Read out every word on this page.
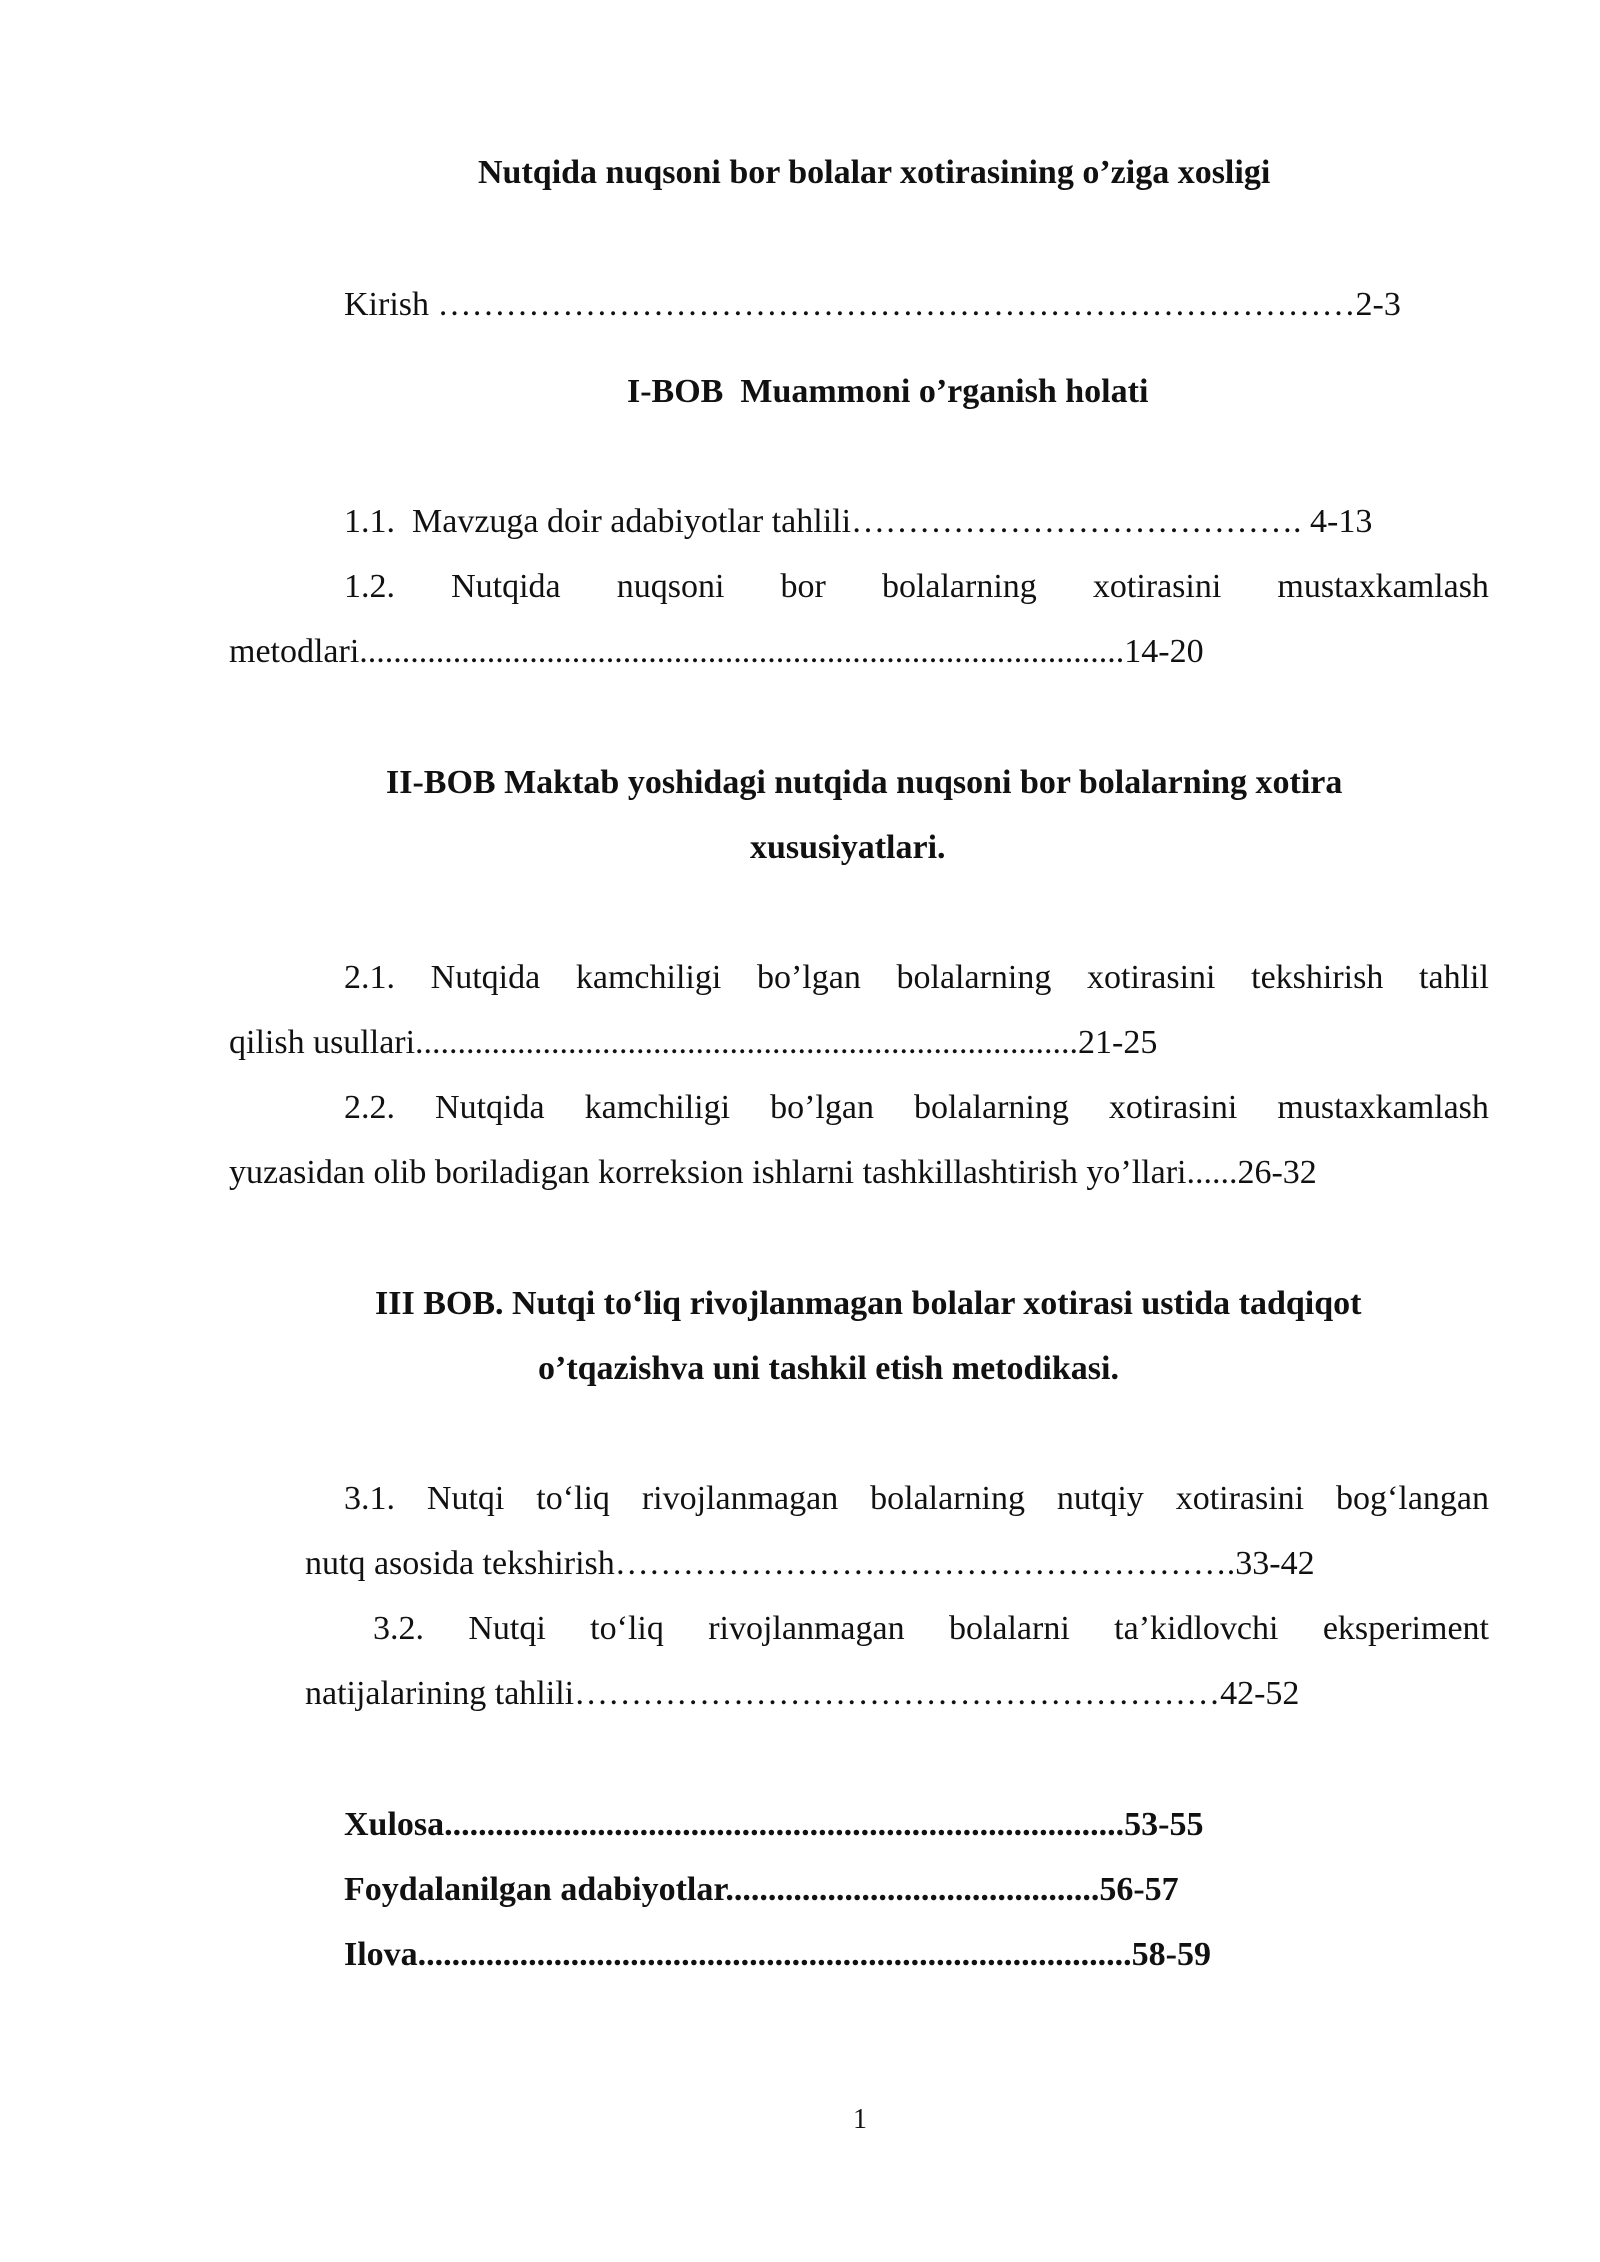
Nutqida nuqsoni bor bolalar xotirasining o’ziga xosligi
Kirish ………………………………………………………………………2-3
I-BOB  Muammoni o’rganish holati
1.1.  Mavzuga doir adabiyotlar tahlili…………………………………. 4-13
1.2. Nutqida nuqsoni bor bolalarning xotirasini mustaxkamlash
metodlari..........................................................................................14-20
II-BOB Maktab yoshidagi nutqida nuqsoni bor bolalarning xotira
xususiyatlari.
2.1. Nutqida kamchiligi bo’lgan bolalarning xotirasini tekshirish tahlil
qilish usullari..............................................................................21-25
2.2. Nutqida kamchiligi bo’lgan bolalarning xotirasini mustaxkamlash
yuzasidan olib boriladigan korreksion ishlarni tashkillashtirish yo’llari......26-32
III BOB. Nutqi to‘liq rivojlanmagan bolalar xotirasi ustida tadqiqot
o’tqazishva uni tashkil etish metodikasi.
3.1. Nutqi to‘liq rivojlanmagan bolalarning nutqiy xotirasini bog‘langan
nutq asosida tekshirish……………………………………………….33-42
3.2. Nutqi to‘liq rivojlanmagan bolalarni ta’kidlovchi eksperiment
natijalarining tahlili…………………………………………………42-52
Xulosa................................................................................53-55
Foydalanilgan adabiyotlar............................................56-57
Ilova....................................................................................58-59
1
